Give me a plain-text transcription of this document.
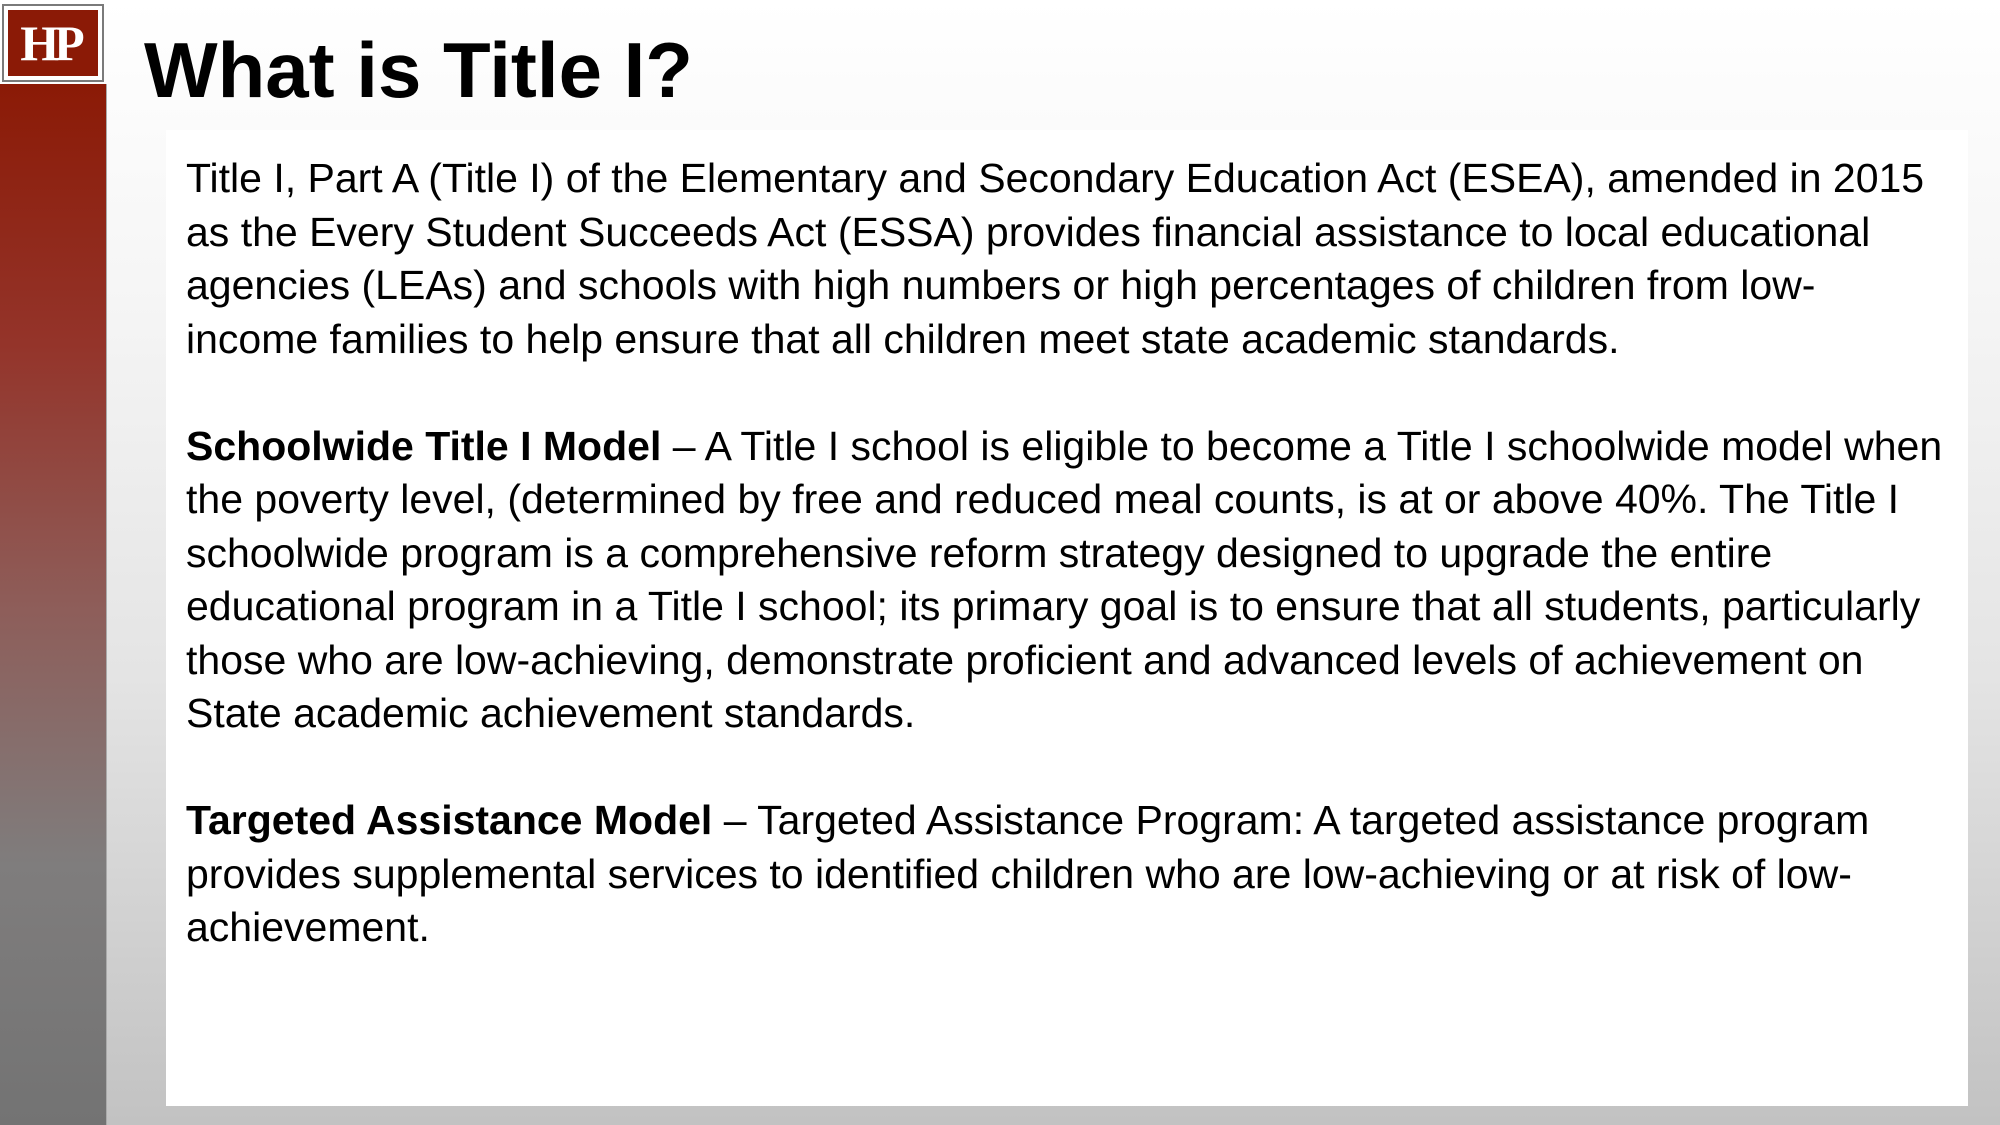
HP What is Title I?

Title I, Part A (Title I) of the Elementary and Secondary Education Act (ESEA), amended in 2015 as the Every Student Succeeds Act (ESSA) provides financial assistance to local educational agencies (LEAs) and schools with high numbers or high percentages of children from low-income families to help ensure that all children meet state academic standards.

Schoolwide Title I Model – A Title I school is eligible to become a Title I schoolwide model when the poverty level, (determined by free and reduced meal counts, is at or above 40%. The Title I schoolwide program is a comprehensive reform strategy designed to upgrade the entire educational program in a Title I school; its primary goal is to ensure that all students, particularly those who are low-achieving, demonstrate proficient and advanced levels of achievement on State academic achievement standards.

Targeted Assistance Model – Targeted Assistance Program: A targeted assistance program provides supplemental services to identified children who are low-achieving or at risk of low- achievement.
